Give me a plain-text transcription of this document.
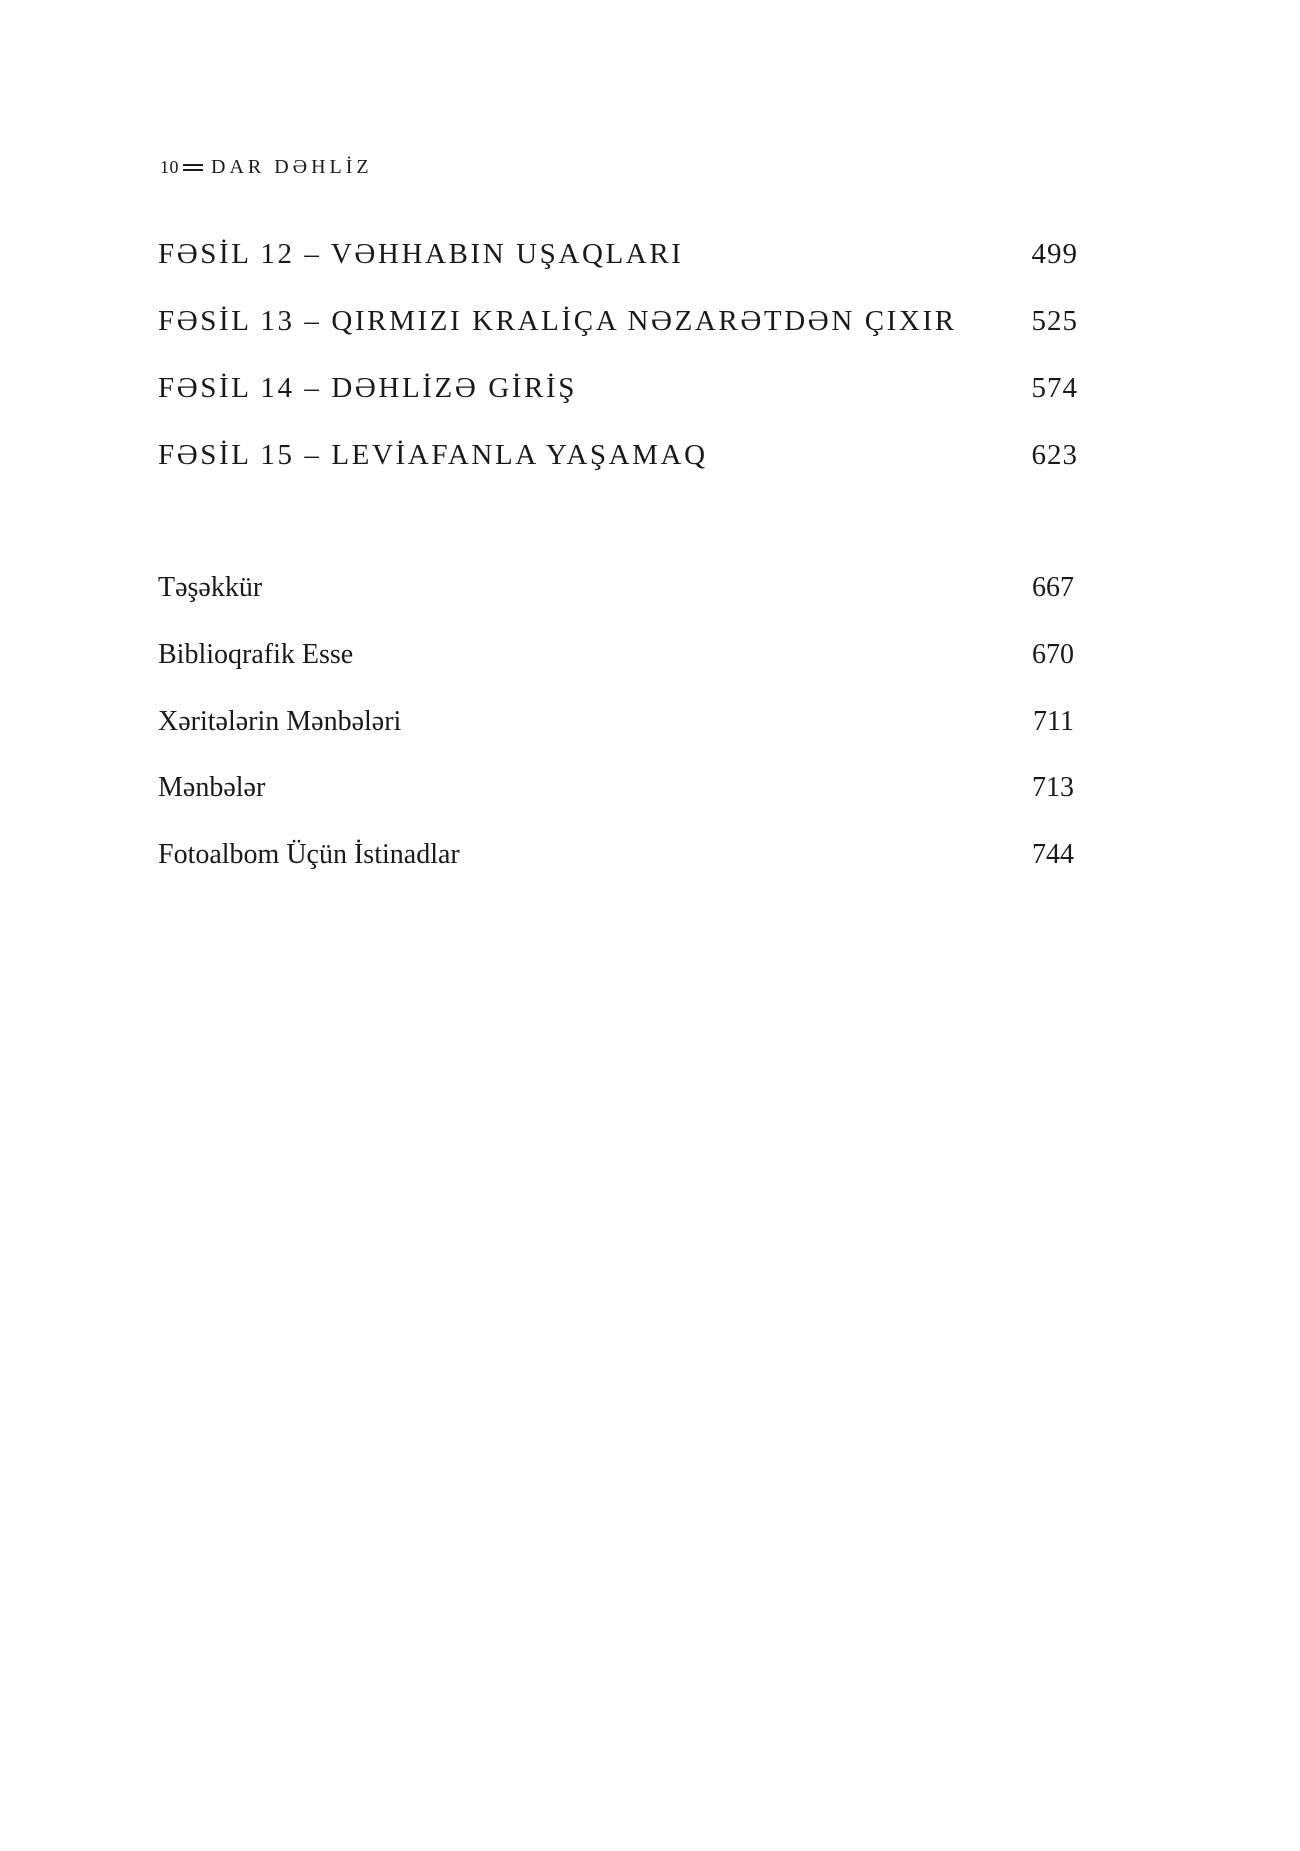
10 DAR DƏHLİZ
FƏSİL 12 – VƏHHABIN UŞAQLARI	499
FƏSİL 13 – QIRMIZI KRALİÇA NƏZARƏTDƏN ÇIXIR	525
FƏSİL 14 – DƏHLİZƏ GİRİŞ	574
FƏSİL 15 – LEVİAFANLA YAŞAMAQ	623
Təşəkkür	667
Biblioqrafik Esse	670
Xəritələrin Mənbələri	711
Mənbələr	713
Fotoalbom Üçün İstinadlar	744
